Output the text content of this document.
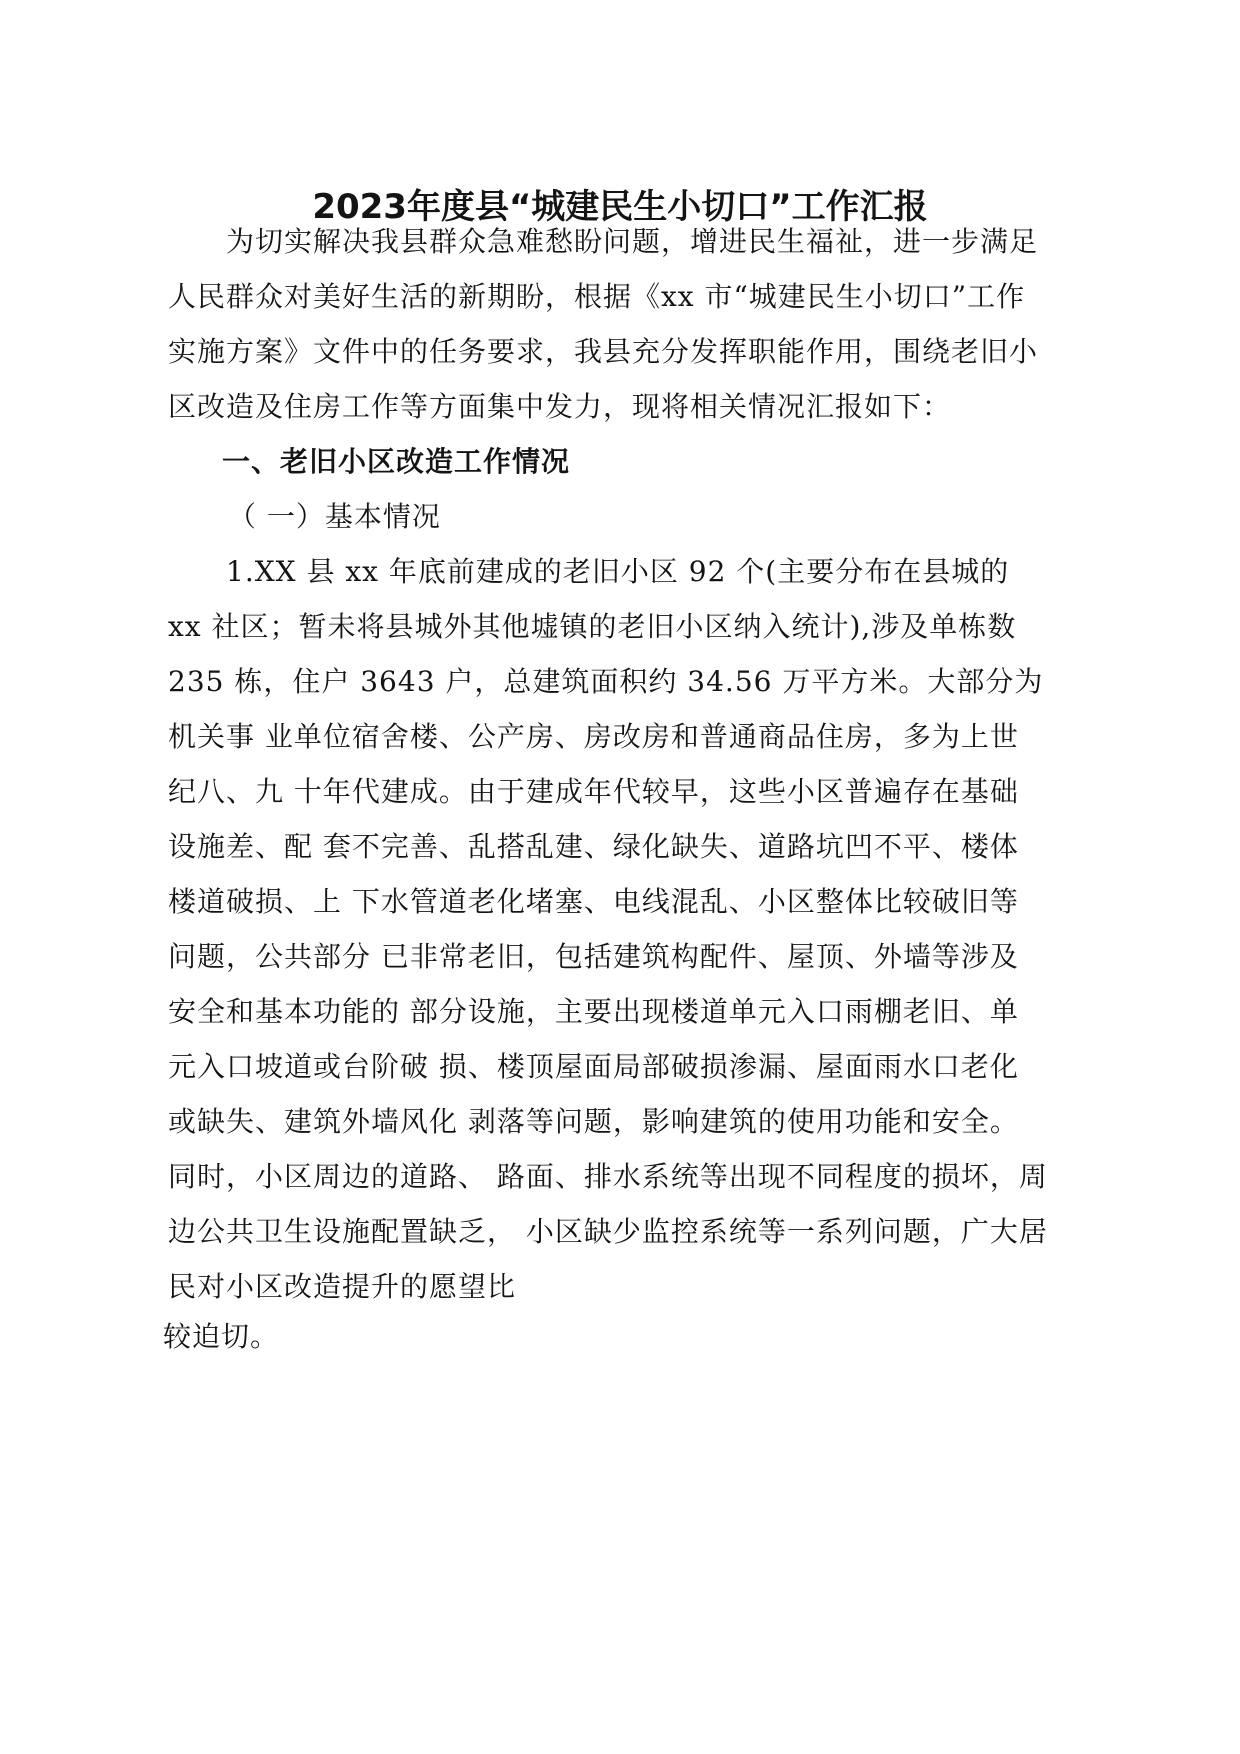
2023年度县“城建民生小切口”工作汇报
为切实解决我县群众急难愁盼问题，增进民生福祉，进一步满足
人民群众对美好生活的新期盼，根据《xx 市“城建民生小切口”工作
实施方案》文件中的任务要求，我县充分发挥职能作用，围绕老旧小
区改造及住房工作等方面集中发力，现将相关情况汇报如下：
一、老旧小区改造工作情况
（ 一）基本情况
1.XX 县 xx 年底前建成的老旧小区 92 个(主要分布在县城的
xx 社区；暂未将县城外其他墟镇的老旧小区纳入统计),涉及单栋数
235 栋，住户 3643 户，总建筑面积约 34.56 万平方米。大部分为
机关事 业单位宿舍楼、公产房、房改房和普通商品住房，多为上世
纪八、九 十年代建成。由于建成年代较早，这些小区普遍存在基础
设施差、配 套不完善、乱搭乱建、绿化缺失、道路坑凹不平、楼体
楼道破损、上 下水管道老化堵塞、电线混乱、小区整体比较破旧等
问题，公共部分 已非常老旧，包括建筑构配件、屋顶、外墙等涉及
安全和基本功能的 部分设施，主要出现楼道单元入口雨棚老旧、单
元入口坡道或台阶破 损、楼顶屋面局部破损渗漏、屋面雨水口老化
或缺失、建筑外墙风化 剥落等问题，影响建筑的使用功能和安全。
同时，小区周边的道路、 路面、排水系统等出现不同程度的损坏，周
边公共卫生设施配置缺乏， 小区缺少监控系统等一系列问题，广大居
民对小区改造提升的愿望比
较迫切。
